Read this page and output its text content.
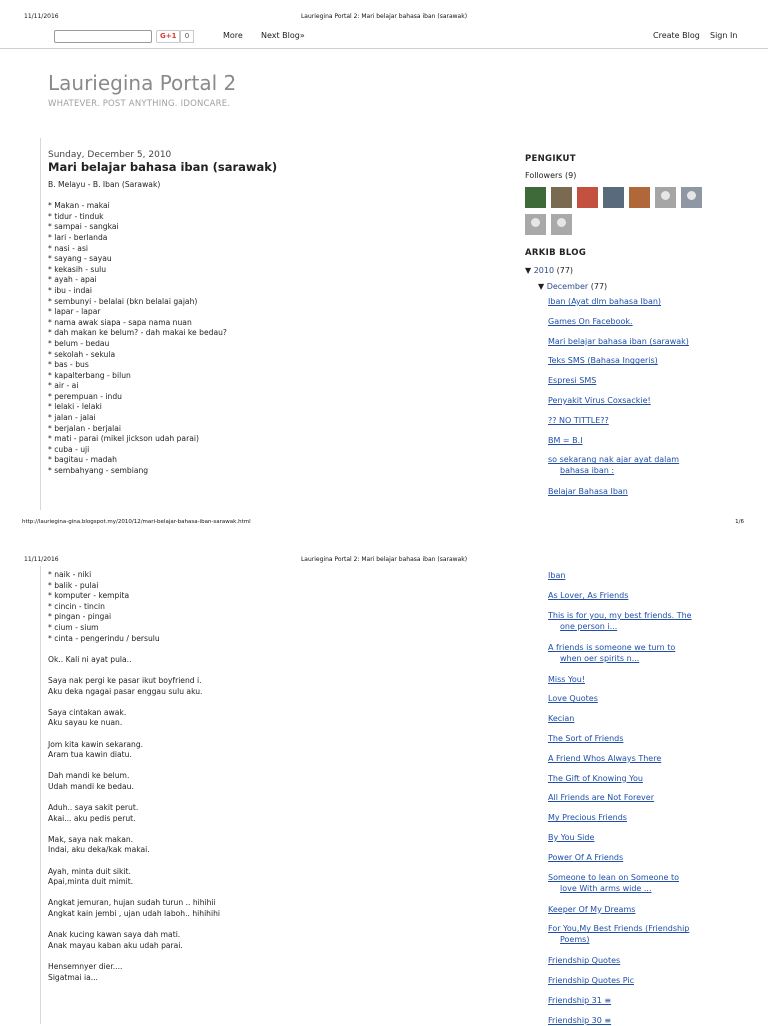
11/11/2016	Lauriegina Portal 2: Mari belajar bahasa iban (sarawak)
G+1	0	More Next Blog»	Create Blog Sign In
Lauriegina Portal 2
WHATEVER. POST ANYTHING. IDONCARE.
Sunday, December 5, 2010
Mari belajar bahasa iban (sarawak)
B. Melayu - B. Iban (Sarawak)
* Makan - makai
* tidur - tinduk
* sampai - sangkai
* lari - berlanda
* nasi - asi
* sayang - sayau
* kekasih - sulu
* ayah - apai
* ibu - indai
* sembunyi - belalai (bkn belalai gajah)
* lapar - lapar
* nama awak siapa - sapa nama nuan
* dah makan ke belum? - dah makai ke bedau?
* belum - bedau
* sekolah - sekula
* bas - bus
* kapalterbang - bilun
* air - ai
* perempuan - indu
* lelaki - lelaki
* jalan - jalai
* berjalan - berjalai
* mati - parai (mikel jickson udah parai)
* cuba - uji
* bagitau - madah
* sembahyang - sembiang
PENGIKUT
Followers (9)
ARKIB BLOG
▼ 2010 (77)
▼ December (77)
Iban (Ayat dlm bahasa Iban)
Games On Facebook.
Mari belajar bahasa iban (sarawak)
Teks SMS (Bahasa Inggeris)
Espresi SMS
Penyakit Virus Coxsackie!
?? NO TITTLE??
BM = B.I
so sekarang nak ajar ayat dalam
bahasa iban :
Belajar Bahasa Iban
http://lauriegina-gina.blogspot.my/2010/12/mari-belajar-bahasa-iban-sarawak.html	1/6
11/11/2016	Lauriegina Portal 2: Mari belajar bahasa iban (sarawak)
* naik - niki
* balik - pulai
* komputer - kempita
* cincin - tincin
* pingan - pingai
* cium - sium
* cinta - pengerindu / bersulu
Ok.. Kali ni ayat pula..
Saya nak pergi ke pasar ikut boyfriend i.
Aku deka ngagai pasar enggau sulu aku.
Saya cintakan awak.
Aku sayau ke nuan.
Jom kita kawin sekarang.
Aram tua kawin diatu.
Dah mandi ke belum.
Udah mandi ke bedau.
Aduh.. saya sakit perut.
Akai... aku pedis perut.
Mak, saya nak makan.
Indai, aku deka/kak makai.
Ayah, minta duit sikit.
Apai,minta duit mimit.
Angkat jemuran, hujan sudah turun .. hihihii
Angkat kain jembi , ujan udah laboh.. hihihihi
Anak kucing kawan saya dah mati.
Anak mayau kaban aku udah parai.
Hensemnyer dier....
Sigatmai ia...
Iban
As Lover, As Friends
This is for you, my best friends. The
one person i...
A friends is someone we turn to
when oer spirits n...
Miss You!
Love Quotes
Kecian
The Sort of Friends
A Friend Whos Always There
The Gift of Knowing You
All Friends are Not Forever
My Precious Friends
By You Side
Power Of A Friends
Someone to lean on Someone to
love With arms wide ...
Keeper Of My Dreams
For You,My Best Friends (Friendship
Poems)
Friendship Quotes
Friendship Quotes Pic
Friendship 31 ≡
Friendship 30 ≡
